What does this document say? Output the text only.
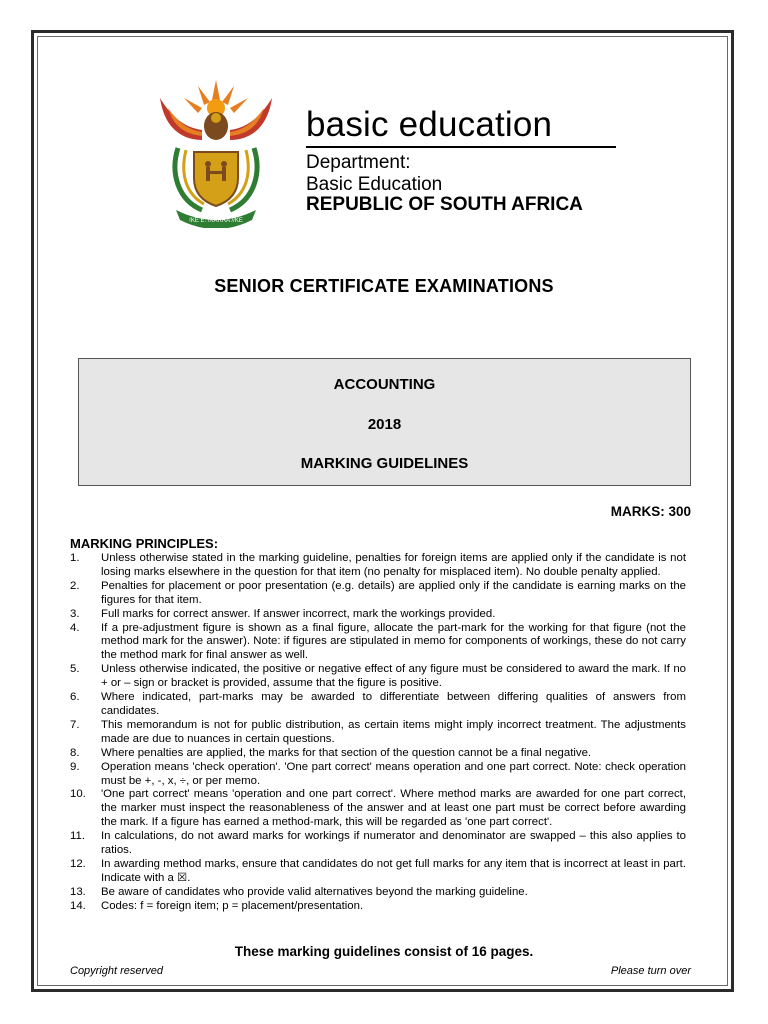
!KE E: /XARRA //KE
basic education
Department:
Basic Education
REPUBLIC OF SOUTH AFRICA
SENIOR CERTIFICATE EXAMINATIONS
ACCOUNTING
2018
MARKING GUIDELINES
MARKS: 300
MARKING PRINCIPLES:
1. Unless otherwise stated in the marking guideline, penalties for foreign items are applied only if the candidate is not losing marks elsewhere in the question for that item (no penalty for misplaced item). No double penalty applied.
2. Penalties for placement or poor presentation (e.g. details) are applied only if the candidate is earning marks on the figures for that item.
3. Full marks for correct answer. If answer incorrect, mark the workings provided.
4. If a pre-adjustment figure is shown as a final figure, allocate the part-mark for the working for that figure (not the method mark for the answer). Note: if figures are stipulated in memo for components of workings, these do not carry the method mark for final answer as well.
5. Unless otherwise indicated, the positive or negative effect of any figure must be considered to award the mark. If no + or – sign or bracket is provided, assume that the figure is positive.
6. Where indicated, part-marks may be awarded to differentiate between differing qualities of answers from candidates.
7. This memorandum is not for public distribution, as certain items might imply incorrect treatment. The adjustments made are due to nuances in certain questions.
8. Where penalties are applied, the marks for that section of the question cannot be a final negative.
9. Operation means 'check operation'. 'One part correct' means operation and one part correct. Note: check operation must be +, -, x, ÷, or per memo.
10. 'One part correct' means 'operation and one part correct'. Where method marks are awarded for one part correct, the marker must inspect the reasonableness of the answer and at least one part must be correct before awarding the mark. If a figure has earned a method-mark, this will be regarded as 'one part correct'.
11. In calculations, do not award marks for workings if numerator and denominator are swapped – this also applies to ratios.
12. In awarding method marks, ensure that candidates do not get full marks for any item that is incorrect at least in part. Indicate with a ☒.
13. Be aware of candidates who provide valid alternatives beyond the marking guideline.
14. Codes: f = foreign item; p = placement/presentation.
These marking guidelines consist of 16 pages.
Copyright reserved	Please turn over
